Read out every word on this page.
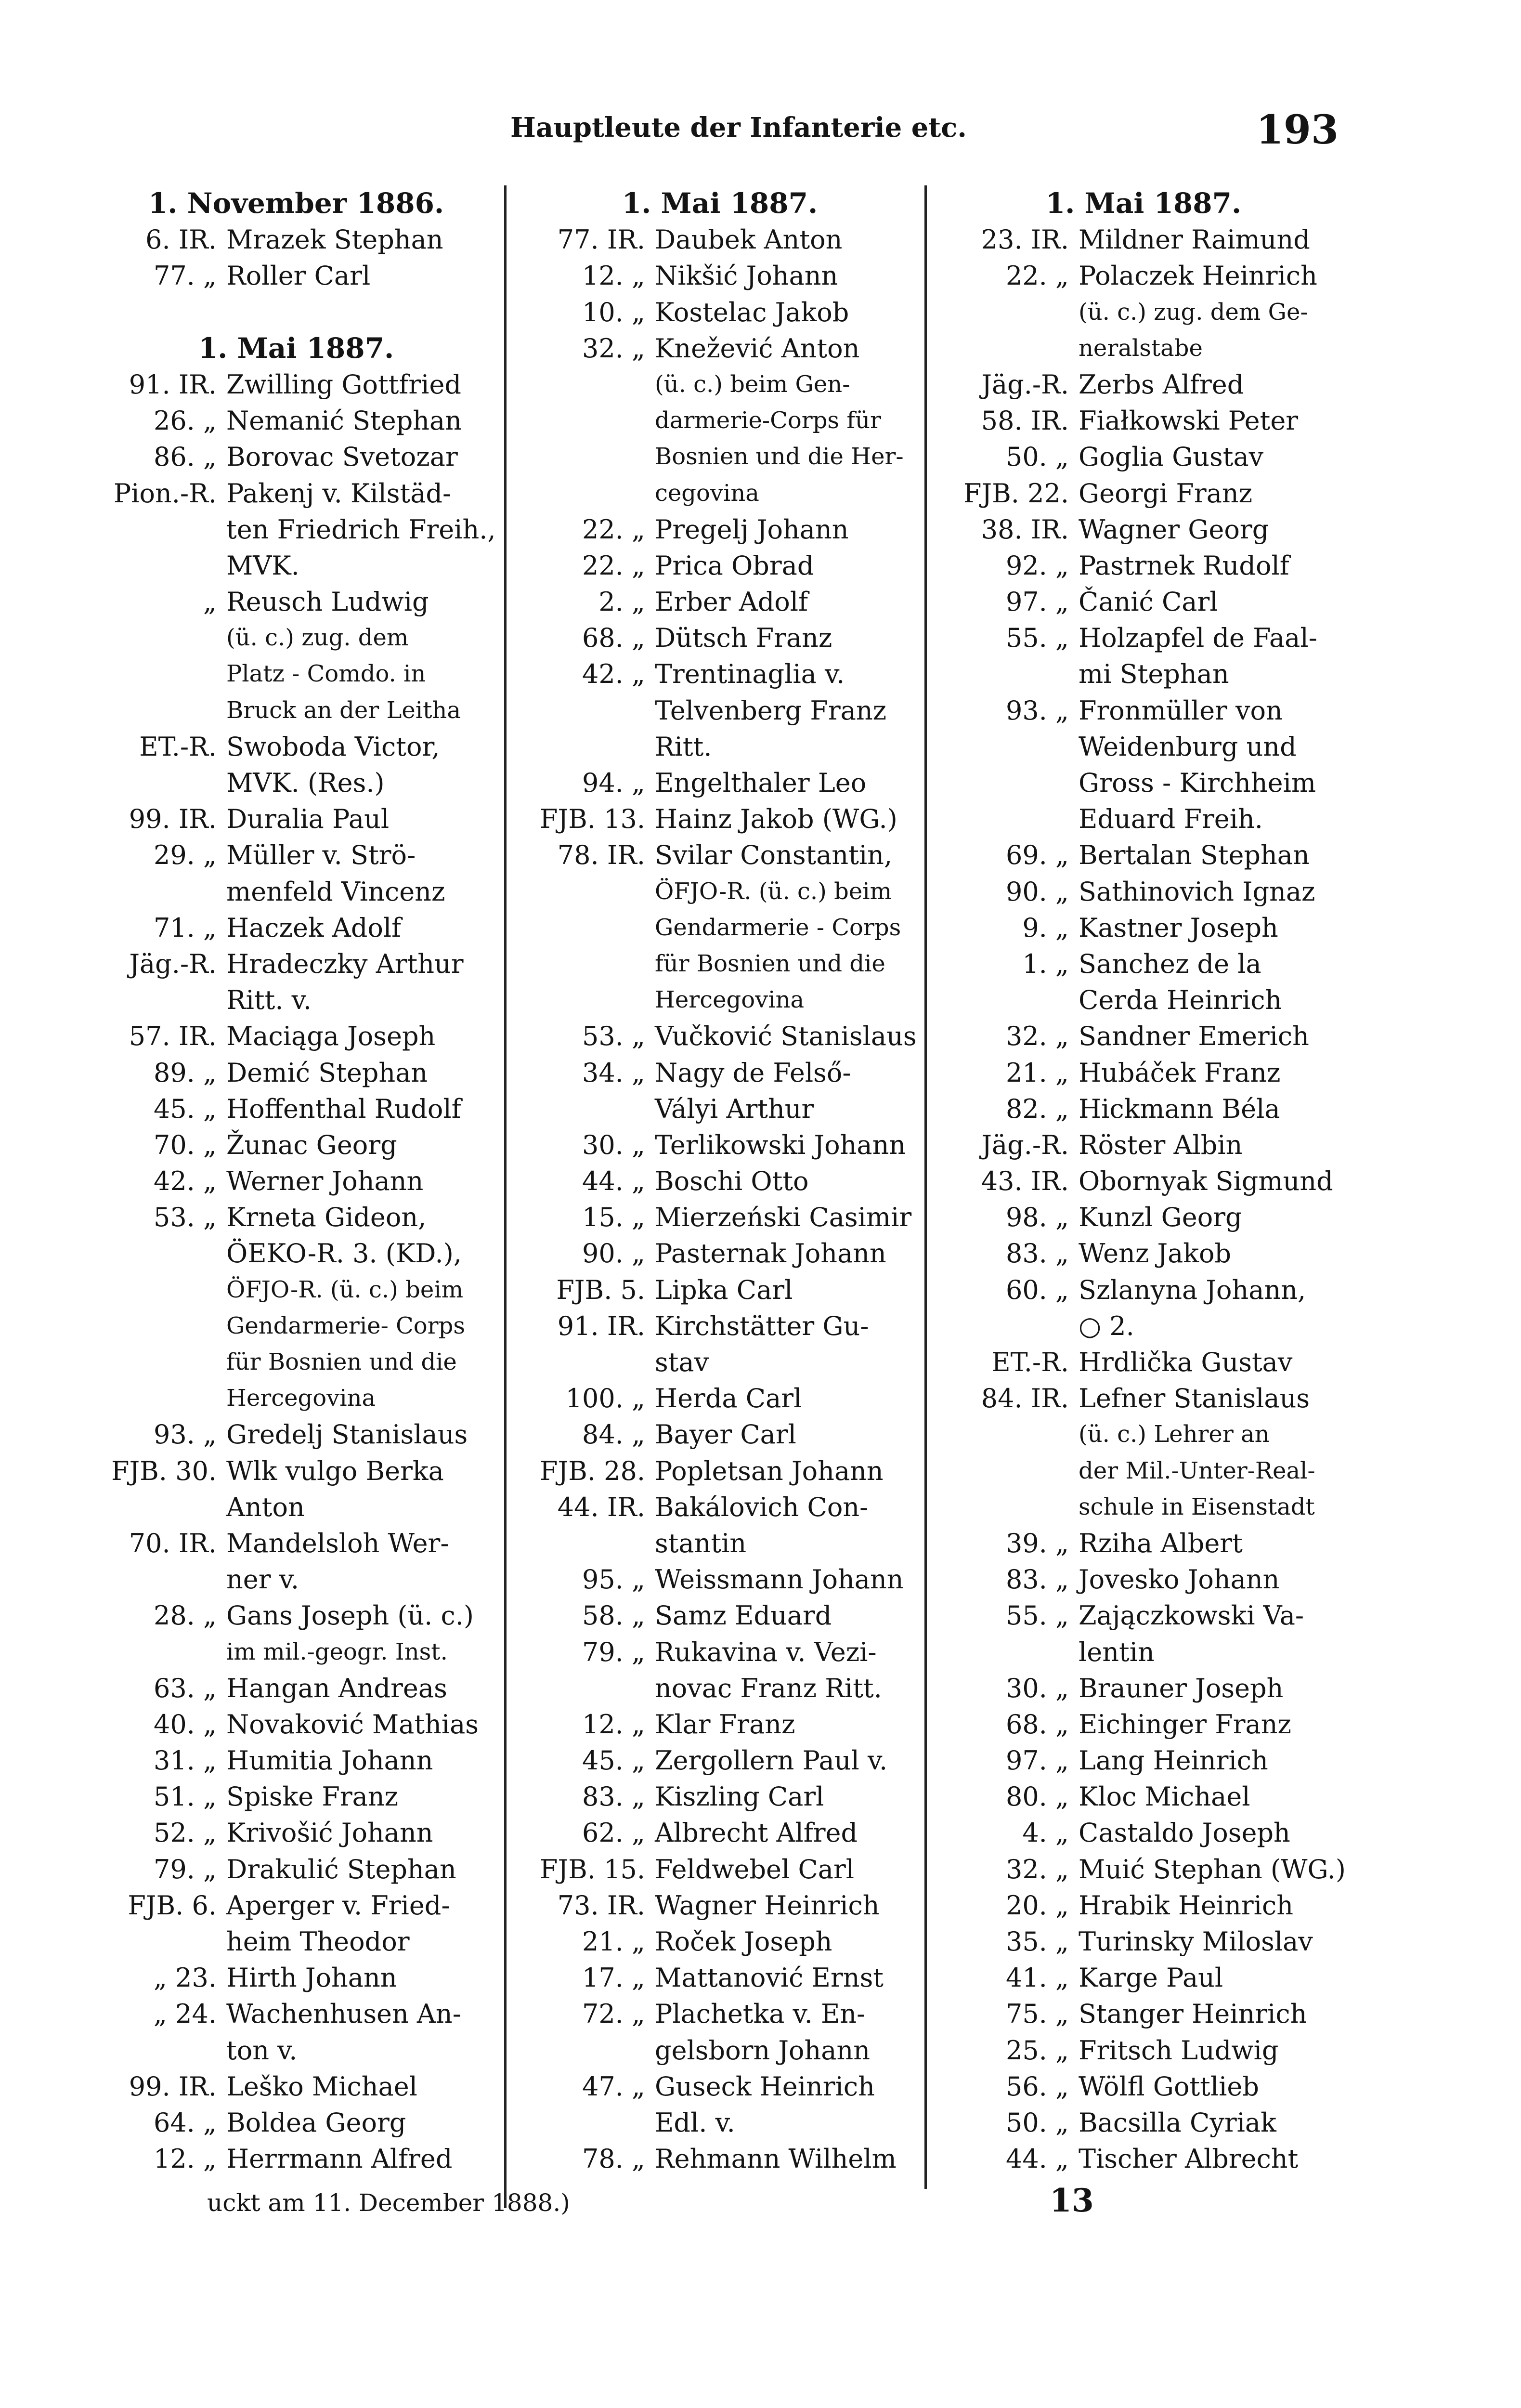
Hauptleute der Infanterie etc.	193
1. November 1886.
6. IR. Mrazek Stephan
77. „ Roller Carl
1. Mai 1887.
91. IR. Zwilling Gottfried
26. „ Nemanić Stephan
86. „ Borovac Svetozar
Pion.-R. Pakenj v. Kilstäd-
ten Friedrich Freih.,
MVK.
„ Reusch Ludwig
(ü. c.) zug. dem
Platz - Comdo. in
Bruck an der Leitha
ET.-R. Swoboda Victor,
MVK. (Res.)
99. IR. Duralia Paul
29. „ Müller v. Strö-
menfeld Vincenz
71. „ Haczek Adolf
Jäg.-R. Hradeczky Arthur
Ritt. v.
57. IR. Maciąga Joseph
89. „ Demić Stephan
45. „ Hoffenthal Rudolf
70. „ Žunac Georg
42. „ Werner Johann
53. „ Krneta Gideon,
ÖEKO-R. 3. (KD.),
ÖFJO-R. (ü. c.) beim
Gendarmerie- Corps
für Bosnien und die
Hercegovina
93. „ Gredelj Stanislaus
FJB. 30. Wlk vulgo Berka
Anton
70. IR. Mandelsloh Wer-
ner v.
28. „ Gans Joseph (ü. c.)
im mil.-geogr. Inst.
63. „ Hangan Andreas
40. „ Novaković Mathias
31. „ Humitia Johann
51. „ Spiske Franz
52. „ Krivošić Johann
79. „ Drakulić Stephan
FJB. 6. Aperger v. Fried-
heim Theodor
„ 23. Hirth Johann
„ 24. Wachenhusen An-
ton v.
99. IR. Leško Michael
64. „ Boldea Georg
12. „ Herrmann Alfred
1. Mai 1887.
77. IR. Daubek Anton
12. „ Nikšić Johann
10. „ Kostelac Jakob
32. „ Knežević Anton
(ü. c.) beim Gen-
darmerie-Corps für
Bosnien und die Her-
cegovina
22. „ Pregelj Johann
22. „ Prica Obrad
2. „ Erber Adolf
68. „ Dütsch Franz
42. „ Trentinaglia v.
Telvenberg Franz
Ritt.
94. „ Engelthaler Leo
FJB. 13. Hainz Jakob (WG.)
78. IR. Svilar Constantin,
ÖFJO-R. (ü. c.) beim
Gendarmerie - Corps
für Bosnien und die
Hercegovina
53. „ Vučković Stanislaus
34. „ Nagy de Felső-
Vályi Arthur
30. „ Terlikowski Johann
44. „ Boschi Otto
15. „ Mierzeński Casimir
90. „ Pasternak Johann
FJB. 5. Lipka Carl
91. IR. Kirchstätter Gu-
stav
100. „ Herda Carl
84. „ Bayer Carl
FJB. 28. Popletsan Johann
44. IR. Bakálovich Con-
stantin
95. „ Weissmann Johann
58. „ Samz Eduard
79. „ Rukavina v. Vezi-
novac Franz Ritt.
12. „ Klar Franz
45. „ Zergollern Paul v.
83. „ Kiszling Carl
62. „ Albrecht Alfred
FJB. 15. Feldwebel Carl
73. IR. Wagner Heinrich
21. „ Roček Joseph
17. „ Mattanović Ernst
72. „ Plachetka v. En-
gelsborn Johann
47. „ Guseck Heinrich
Edl. v.
78. „ Rehmann Wilhelm
1. Mai 1887.
23. IR. Mildner Raimund
22. „ Polaczek Heinrich
(ü. c.) zug. dem Ge-
neralstabe
Jäg.-R. Zerbs Alfred
58. IR. Fiałkowski Peter
50. „ Goglia Gustav
FJB. 22. Georgi Franz
38. IR. Wagner Georg
92. „ Pastrnek Rudolf
97. „ Čanić Carl
55. „ Holzapfel de Faal-
mi Stephan
93. „ Fronmüller von
Weidenburg und
Gross - Kirchheim
Eduard Freih.
69. „ Bertalan Stephan
90. „ Sathinovich Ignaz
9. „ Kastner Joseph
1. „ Sanchez de la
Cerda Heinrich
32. „ Sandner Emerich
21. „ Hubáček Franz
82. „ Hickmann Béla
Jäg.-R. Röster Albin
43. IR. Obornyak Sigmund
98. „ Kunzl Georg
83. „ Wenz Jakob
60. „ Szlanyna Johann,
○ 2.
ET.-R. Hrdlička Gustav
84. IR. Lefner Stanislaus
(ü. c.) Lehrer an
der Mil.-Unter-Real-
schule in Eisenstadt
39. „ Rziha Albert
83. „ Jovesko Johann
55. „ Zajączkowski Va-
lentin
30. „ Brauner Joseph
68. „ Eichinger Franz
97. „ Lang Heinrich
80. „ Kloc Michael
4. „ Castaldo Joseph
32. „ Muić Stephan (WG.)
20. „ Hrabik Heinrich
35. „ Turinsky Miloslav
41. „ Karge Paul
75. „ Stanger Heinrich
25. „ Fritsch Ludwig
56. „ Wölfl Gottlieb
50. „ Bacsilla Cyriak
44. „ Tischer Albrecht
uckt am 11. December 1888.)	13
